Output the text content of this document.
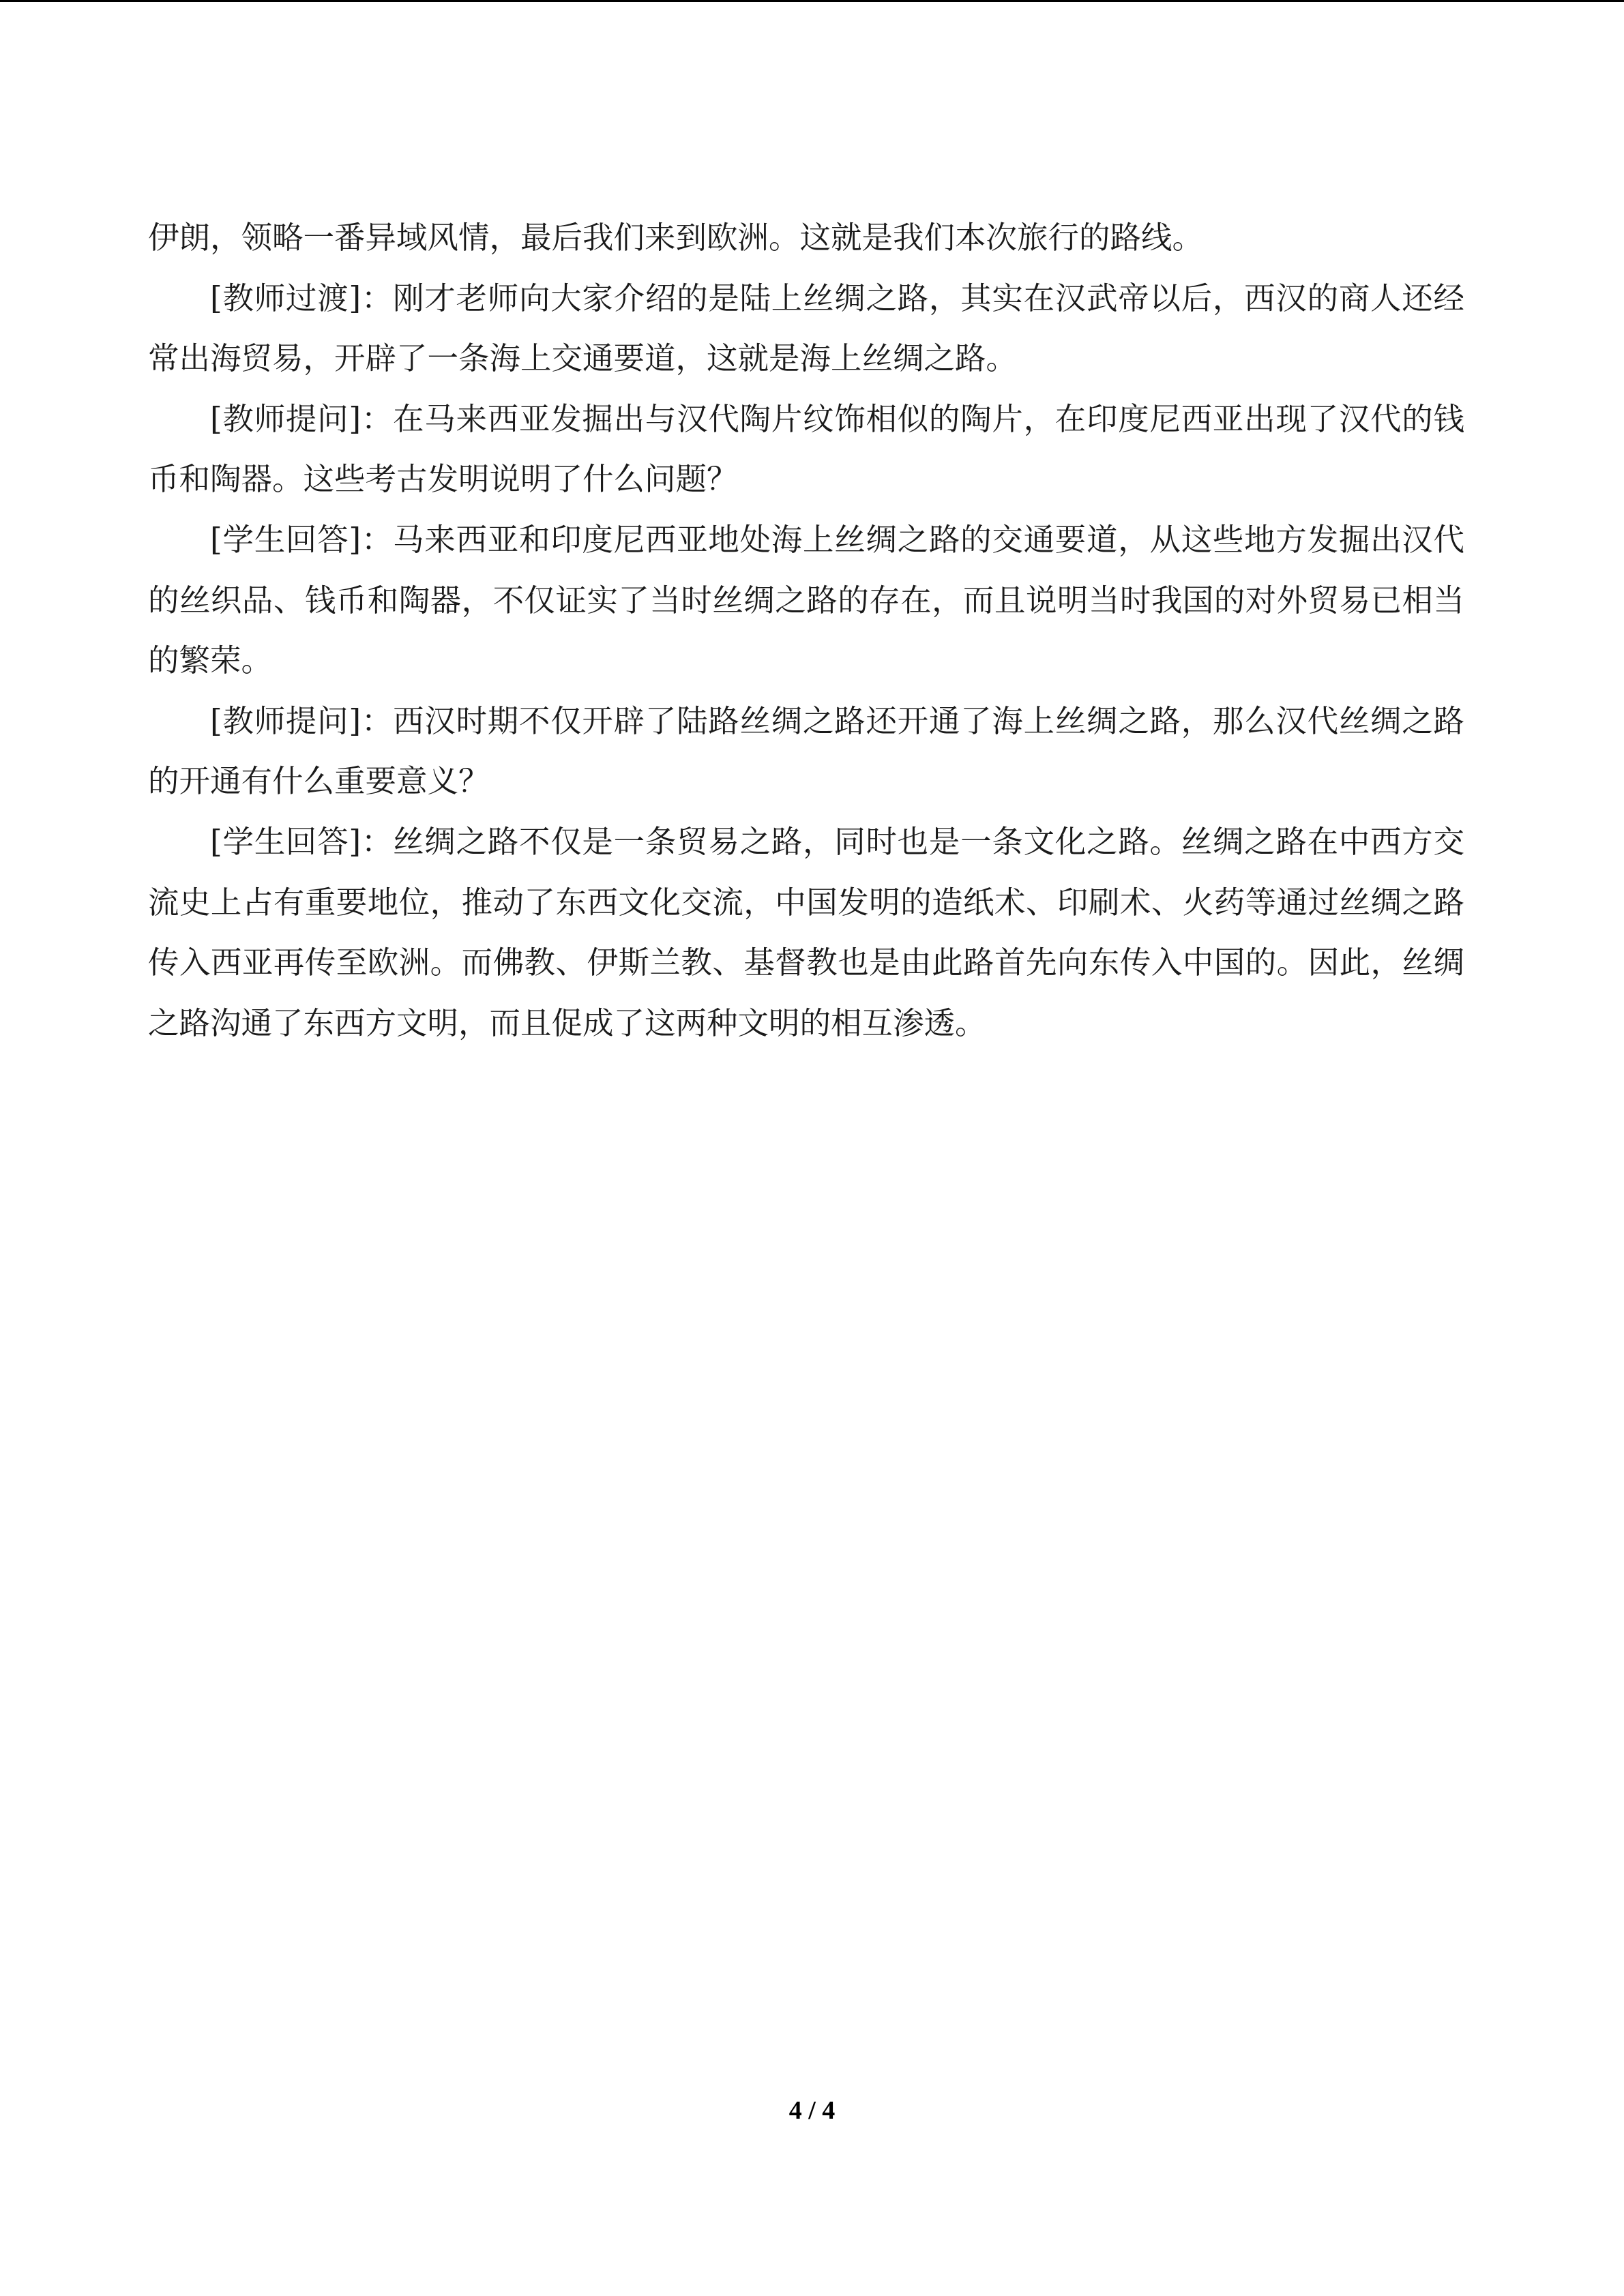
伊朗，领略一番异域风情，最后我们来到欧洲。这就是我们本次旅行的路线。

[教师过渡]：刚才老师向大家介绍的是陆上丝绸之路，其实在汉武帝以后，西汉的商人还经常出海贸易，开辟了一条海上交通要道，这就是海上丝绸之路。

[教师提问]：在马来西亚发掘出与汉代陶片纹饰相似的陶片，在印度尼西亚出现了汉代的钱币和陶器。这些考古发明说明了什么问题？

[学生回答]：马来西亚和印度尼西亚地处海上丝绸之路的交通要道，从这些地方发掘出汉代的丝织品、钱币和陶器，不仅证实了当时丝绸之路的存在，而且说明当时我国的对外贸易已相当的繁荣。

[教师提问]：西汉时期不仅开辟了陆路丝绸之路还开通了海上丝绸之路，那么汉代丝绸之路的开通有什么重要意义？

[学生回答]：丝绸之路不仅是一条贸易之路，同时也是一条文化之路。丝绸之路在中西方交流史上占有重要地位，推动了东西文化交流，中国发明的造纸术、印刷术、火药等通过丝绸之路传入西亚再传至欧洲。而佛教、伊斯兰教、基督教也是由此路首先向东传入中国的。因此，丝绸之路沟通了东西方文明，而且促成了这两种文明的相互渗透。

4 / 4
